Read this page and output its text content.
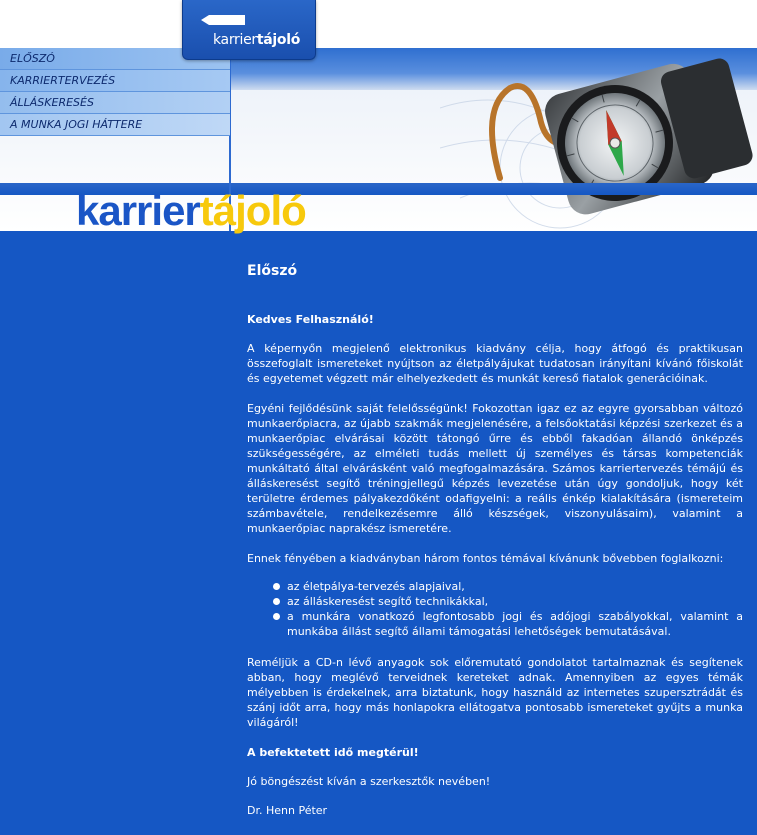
ELŐSZÓ
KARRIERTERVEZÉS
ÁLLÁSKERESÉS
A MUNKA JOGI HÁTTERE
karriertájoló
karriertájoló
Előszó

Kedves Felhasználó!

A képernyőn megjelenő elektronikus kiadvány célja, hogy átfogó és praktikusan összefoglalt ismereteket nyújtson az életpályájukat tudatosan irányítani kívánó főiskolát és egyetemet végzett már elhelyezkedett és munkát kereső fiatalok generációinak.

Egyéni fejlődésünk saját felelősségünk! Fokozottan igaz ez az egyre gyorsabban változó munkaerőpiacra, az újabb szakmák megjelenésére, a felsőoktatási képzési szerkezet és a munkaerőpiac elvárásai között tátongó űrre és ebből fakadóan állandó önképzés szükségességére, az elméleti tudás mellett új személyes és társas kompetenciák munkáltató által elvárásként való megfogalmazására. Számos karriertervezés témájú és álláskeresést segítő tréningjellegű képzés levezetése után úgy gondoljuk, hogy két területre érdemes pályakezdőként odafigyelni: a reális énkép kialakítására (ismereteim számbavétele, rendelkezésemre álló készségek, viszonyulásaim), valamint a munkaerőpiac naprakész ismeretére.

Ennek fényében a kiadványban három fontos témával kívánunk bővebben foglalkozni:

az életpálya-tervezés alapjaival,
az álláskeresést segítő technikákkal,
a munkára vonatkozó legfontosabb jogi és adójogi szabályokkal, valamint a munkába állást segítő állami támogatási lehetőségek bemutatásával.

Reméljük a CD-n lévő anyagok sok előremutató gondolatot tartalmaznak és segítenek abban, hogy meglévő terveidnek kereteket adnak. Amennyiben az egyes témák mélyebben is érdekelnek, arra biztatunk, hogy használd az internetes szupersztrádát és szánj időt arra, hogy más honlapokra ellátogatva pontosabb ismereteket gyűjts a munka világáról!

A befektetett idő megtérül!

Jó böngészést kíván a szerkesztők nevében!

Dr. Henn Péter
